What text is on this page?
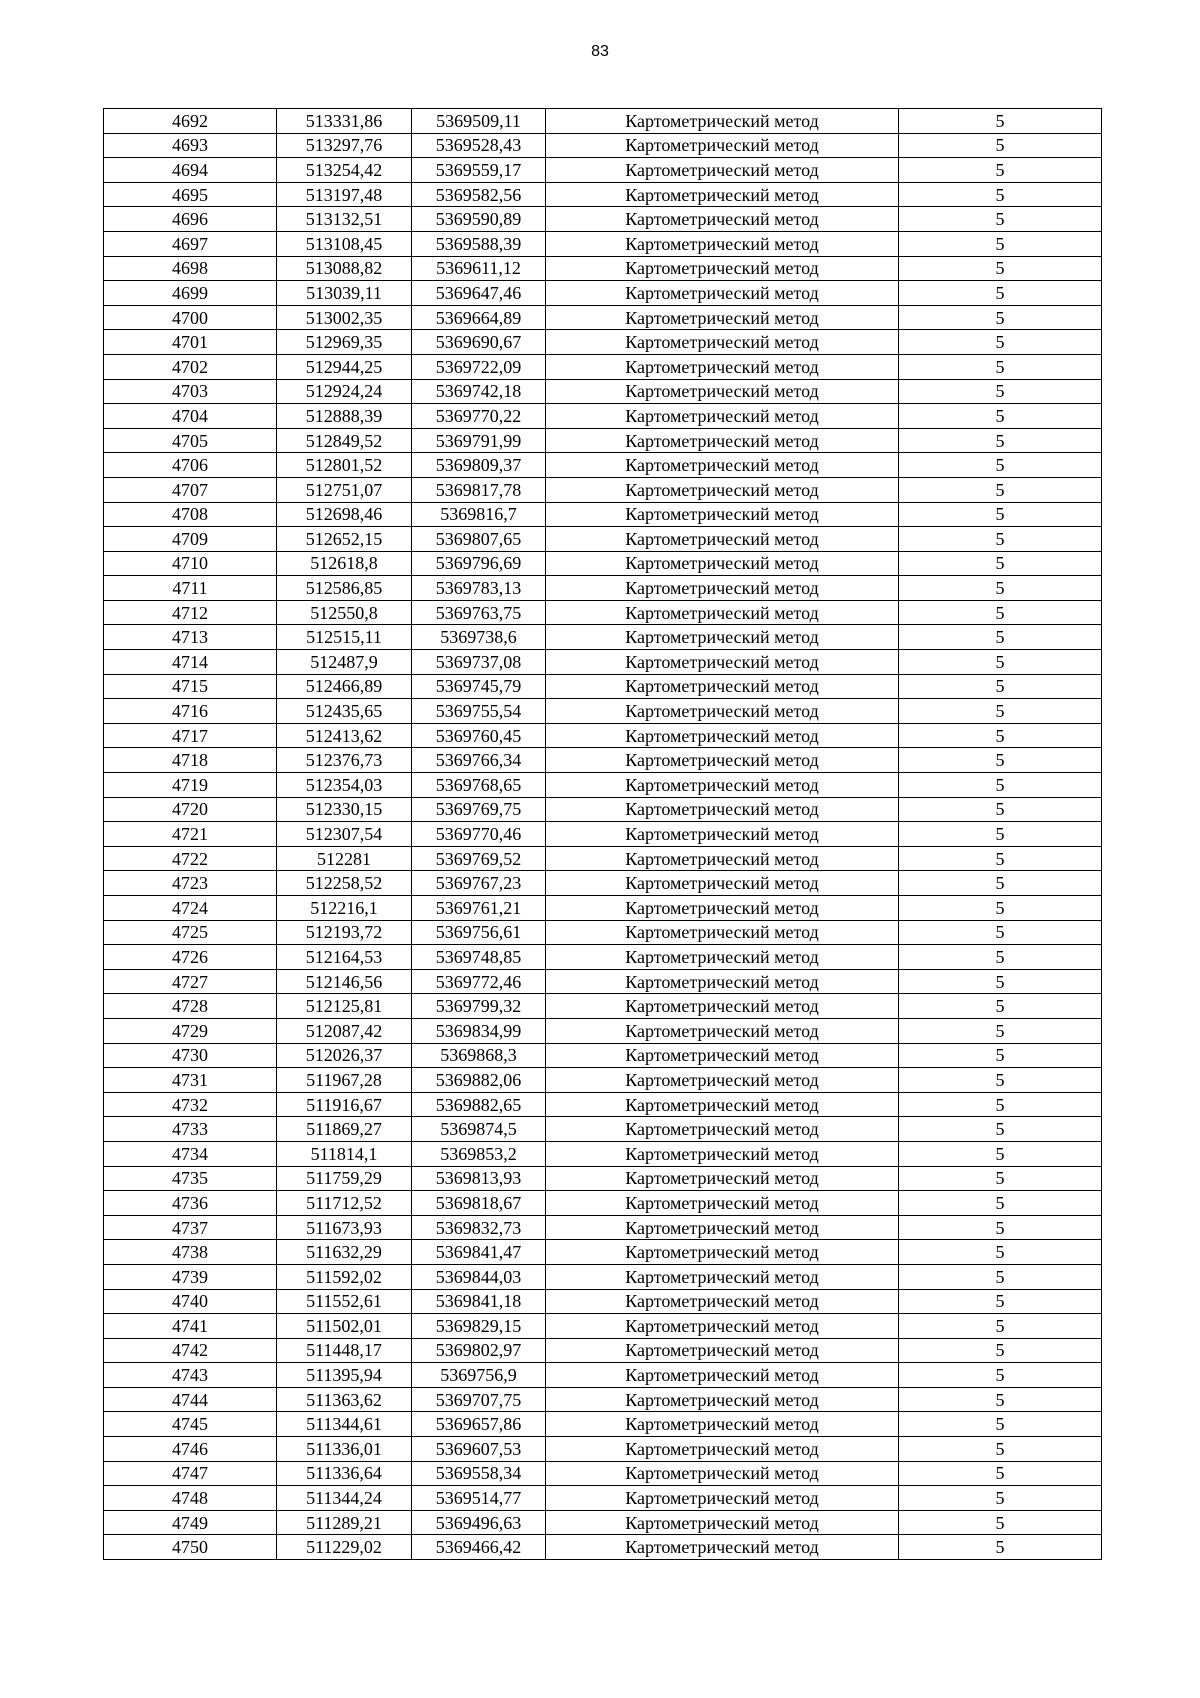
83
4692	513331,86	5369509,11	Картометрический метод	5
4693	513297,76	5369528,43	Картометрический метод	5
4694	513254,42	5369559,17	Картометрический метод	5
4695	513197,48	5369582,56	Картометрический метод	5
4696	513132,51	5369590,89	Картометрический метод	5
4697	513108,45	5369588,39	Картометрический метод	5
4698	513088,82	5369611,12	Картометрический метод	5
4699	513039,11	5369647,46	Картометрический метод	5
4700	513002,35	5369664,89	Картометрический метод	5
4701	512969,35	5369690,67	Картометрический метод	5
4702	512944,25	5369722,09	Картометрический метод	5
4703	512924,24	5369742,18	Картометрический метод	5
4704	512888,39	5369770,22	Картометрический метод	5
4705	512849,52	5369791,99	Картометрический метод	5
4706	512801,52	5369809,37	Картометрический метод	5
4707	512751,07	5369817,78	Картометрический метод	5
4708	512698,46	5369816,7	Картометрический метод	5
4709	512652,15	5369807,65	Картометрический метод	5
4710	512618,8	5369796,69	Картометрический метод	5
4711	512586,85	5369783,13	Картометрический метод	5
4712	512550,8	5369763,75	Картометрический метод	5
4713	512515,11	5369738,6	Картометрический метод	5
4714	512487,9	5369737,08	Картометрический метод	5
4715	512466,89	5369745,79	Картометрический метод	5
4716	512435,65	5369755,54	Картометрический метод	5
4717	512413,62	5369760,45	Картометрический метод	5
4718	512376,73	5369766,34	Картометрический метод	5
4719	512354,03	5369768,65	Картометрический метод	5
4720	512330,15	5369769,75	Картометрический метод	5
4721	512307,54	5369770,46	Картометрический метод	5
4722	512281	5369769,52	Картометрический метод	5
4723	512258,52	5369767,23	Картометрический метод	5
4724	512216,1	5369761,21	Картометрический метод	5
4725	512193,72	5369756,61	Картометрический метод	5
4726	512164,53	5369748,85	Картометрический метод	5
4727	512146,56	5369772,46	Картометрический метод	5
4728	512125,81	5369799,32	Картометрический метод	5
4729	512087,42	5369834,99	Картометрический метод	5
4730	512026,37	5369868,3	Картометрический метод	5
4731	511967,28	5369882,06	Картометрический метод	5
4732	511916,67	5369882,65	Картометрический метод	5
4733	511869,27	5369874,5	Картометрический метод	5
4734	511814,1	5369853,2	Картометрический метод	5
4735	511759,29	5369813,93	Картометрический метод	5
4736	511712,52	5369818,67	Картометрический метод	5
4737	511673,93	5369832,73	Картометрический метод	5
4738	511632,29	5369841,47	Картометрический метод	5
4739	511592,02	5369844,03	Картометрический метод	5
4740	511552,61	5369841,18	Картометрический метод	5
4741	511502,01	5369829,15	Картометрический метод	5
4742	511448,17	5369802,97	Картометрический метод	5
4743	511395,94	5369756,9	Картометрический метод	5
4744	511363,62	5369707,75	Картометрический метод	5
4745	511344,61	5369657,86	Картометрический метод	5
4746	511336,01	5369607,53	Картометрический метод	5
4747	511336,64	5369558,34	Картометрический метод	5
4748	511344,24	5369514,77	Картометрический метод	5
4749	511289,21	5369496,63	Картометрический метод	5
4750	511229,02	5369466,42	Картометрический метод	5
